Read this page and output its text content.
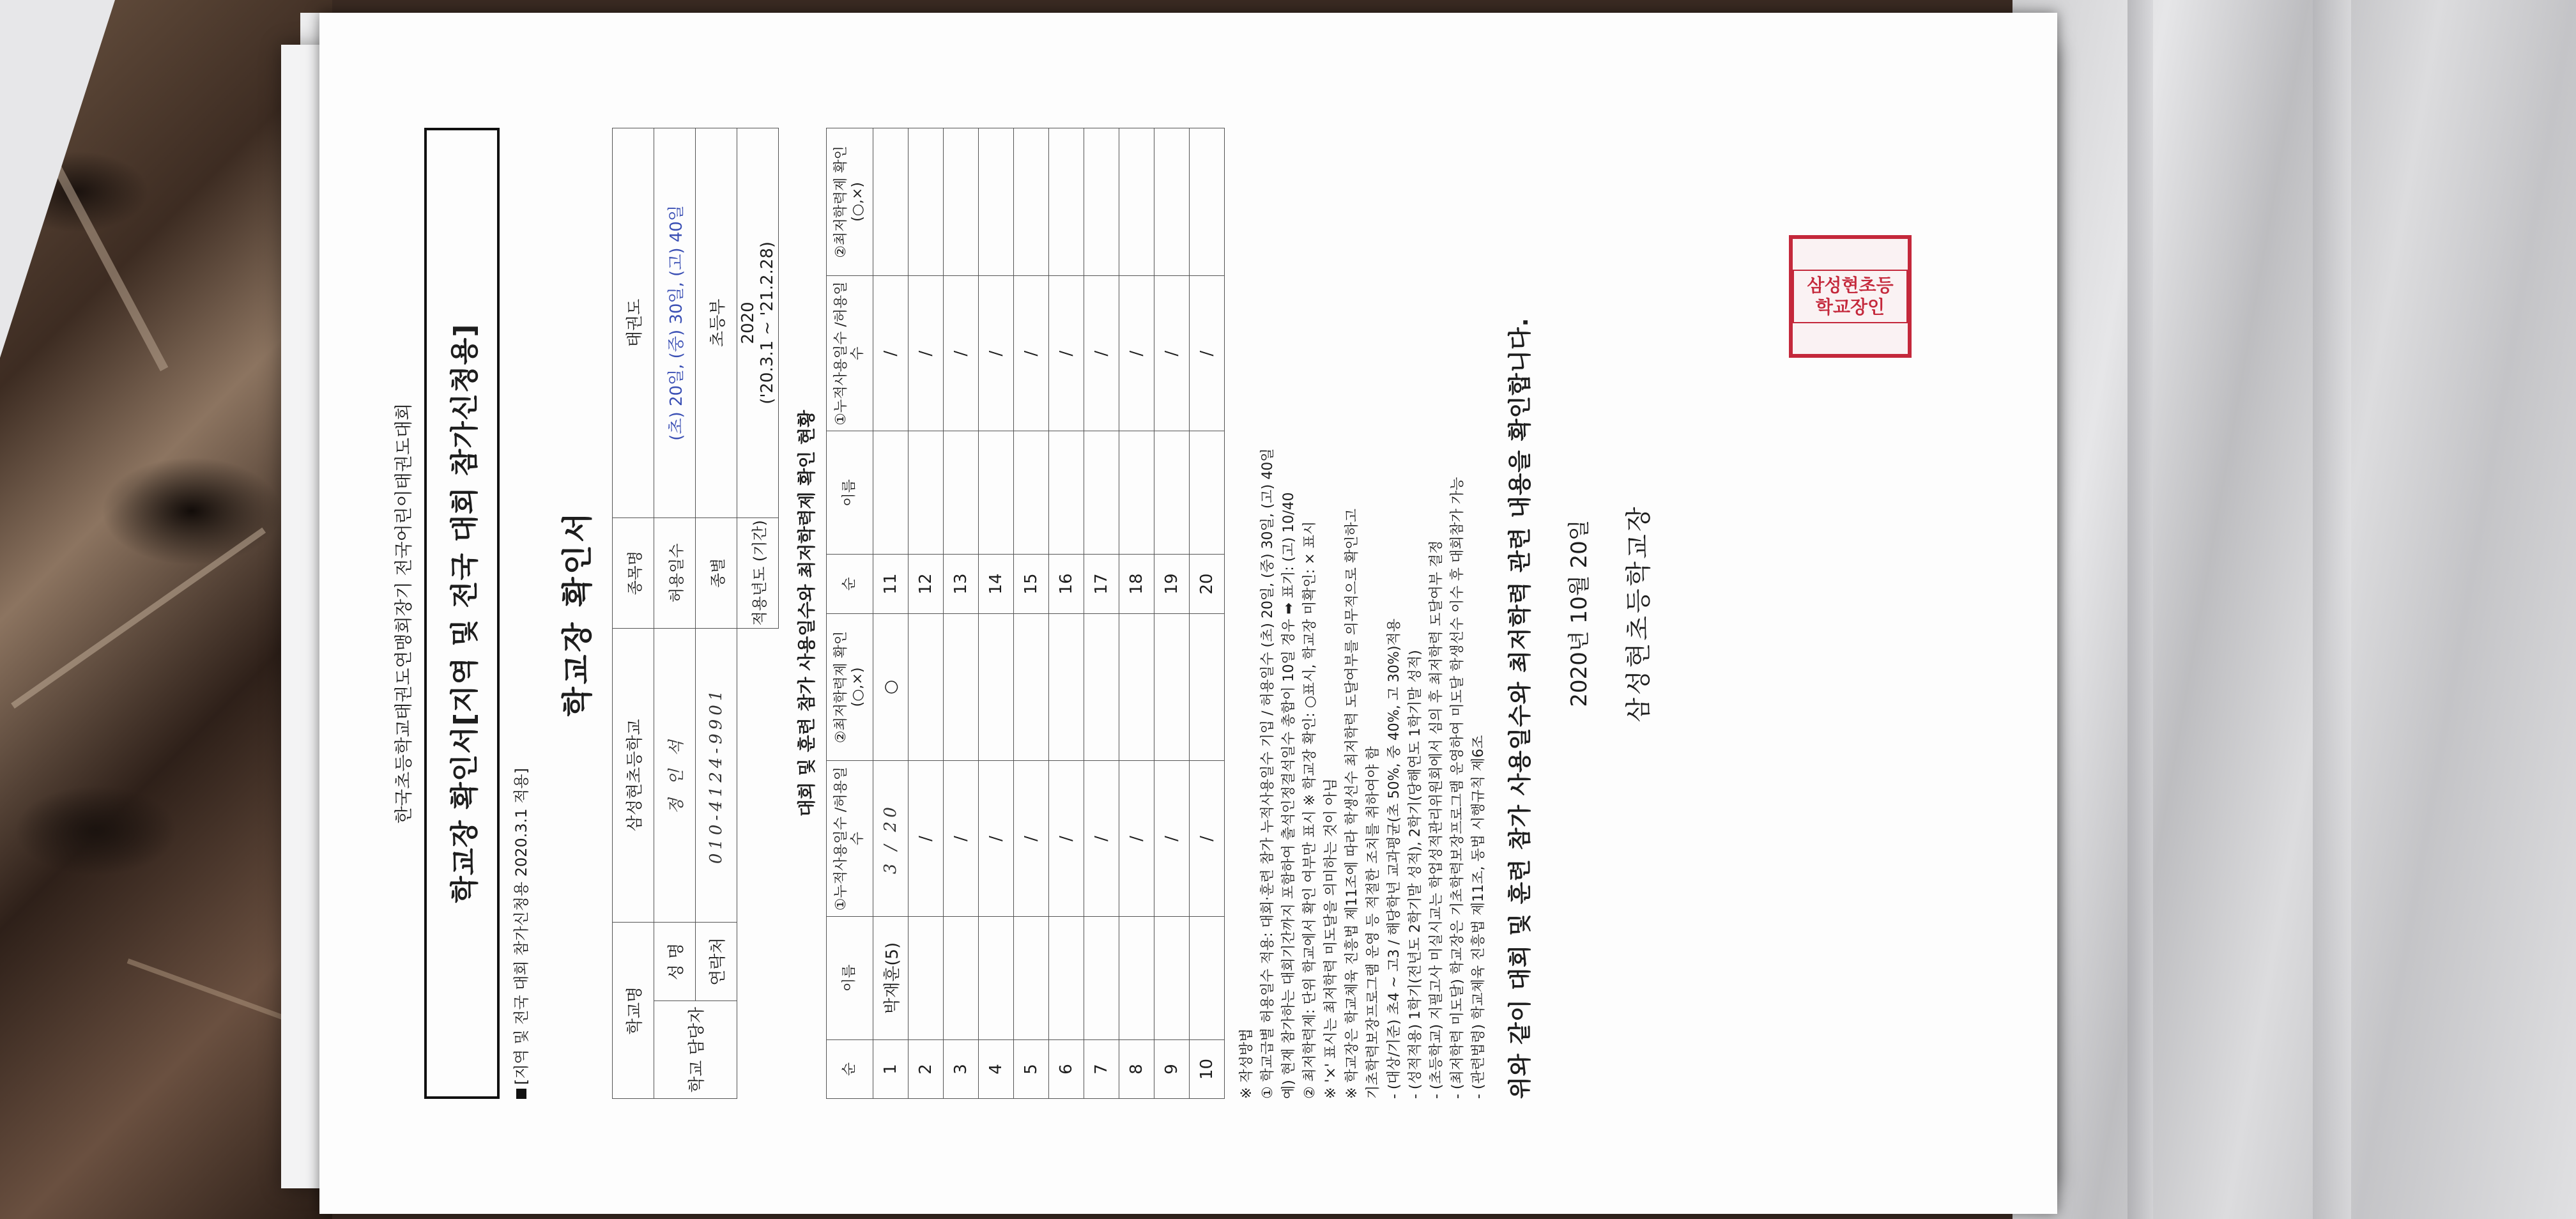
한국초등학교태권도연맹회장기 전국어린이태권도대회 학교장 확인서[지역 및 전국 대회 참가신청용]
[지역 및 전국 대회 참가신청용 2020.3.1 적용]
학교장 확인서
학교명		삼성현초등학교	종목명	태권도
학교 담당자	성 명	정 인 석	허용일수	(초) 20일, (중) 30일, (고) 40일
	연락처	010-4124-9901	종별	초등부
			적용년도 (기간)	2020 ('20.3.1 ~ '21.2.28)
대회 및 훈련 참가 사용일수와 최저학력제 확인 현황
순	이름	①누적사용일수 /허용일수	②최저학력제 확인(○,×)	순	이름	①누적사용일수 /허용일수	②최저학력제 확인(○,×)
1	박재훈(5)	3 / 20	○	11		/	
2		/		12		/	
3		/		13		/	
4		/		14		/	
5		/		15		/	
6		/		16		/	
7		/		17		/	
8		/		18		/	
9		/		19		/	
10		/		20		/	
※ 작성방법 ① 학교급별 허용일수 적용: 대회·훈련 참가 누적사용일수 기입 / 허용일수 (초) 20일, (중) 30일, (고) 40일 예) 현재 참가하는 대회기간까지 포함하여 출석인정결석일수 총합이 10일 경우 ➡ 표기: (고) 10/40 ② 최저학력제: 단위 학교에서 확인 여부만 표시 ※ 학교장 확인: ○표시, 학교장 미확인: × 표시 ※ '×' 표시는 최저학력 미도달을 의미하는 것이 아님 ※ 학교장은 학교체육 진흥법 제11조에 따라 학생선수 최저학력 도달여부를 의무적으로 확인하고 기초학력보장프로그램 운영 등 적절한 조치를 취하여야 함 - (대상/기준) 초4 ~ 고3 / 해당학년 교과평균(초 50%, 중 40%, 고 30%)적용 - (성적적용) 1학기(전년도 2학기말 성적), 2학기(당해연도 1학기말 성적) - (초등학교) 지필고사 미실시교는 학업성적관리위원회에서 심의 후 최저학력 도달여부 결정 - (최저학력 미도달) 학교장은 기초학력보장프로그램 운영하여 미도달 학생선수 이수 후 대회참가 가능 - (관련법령) 학교체육 진흥법 제11조, 동법 시행규칙 제6조 위와 같이 대회 및 훈련 참가 사용일수와 최저학력 관련 내용을 확인합니다. 2020년 10월 20일 삼성현초등학교장
삼성현초등학교장인
